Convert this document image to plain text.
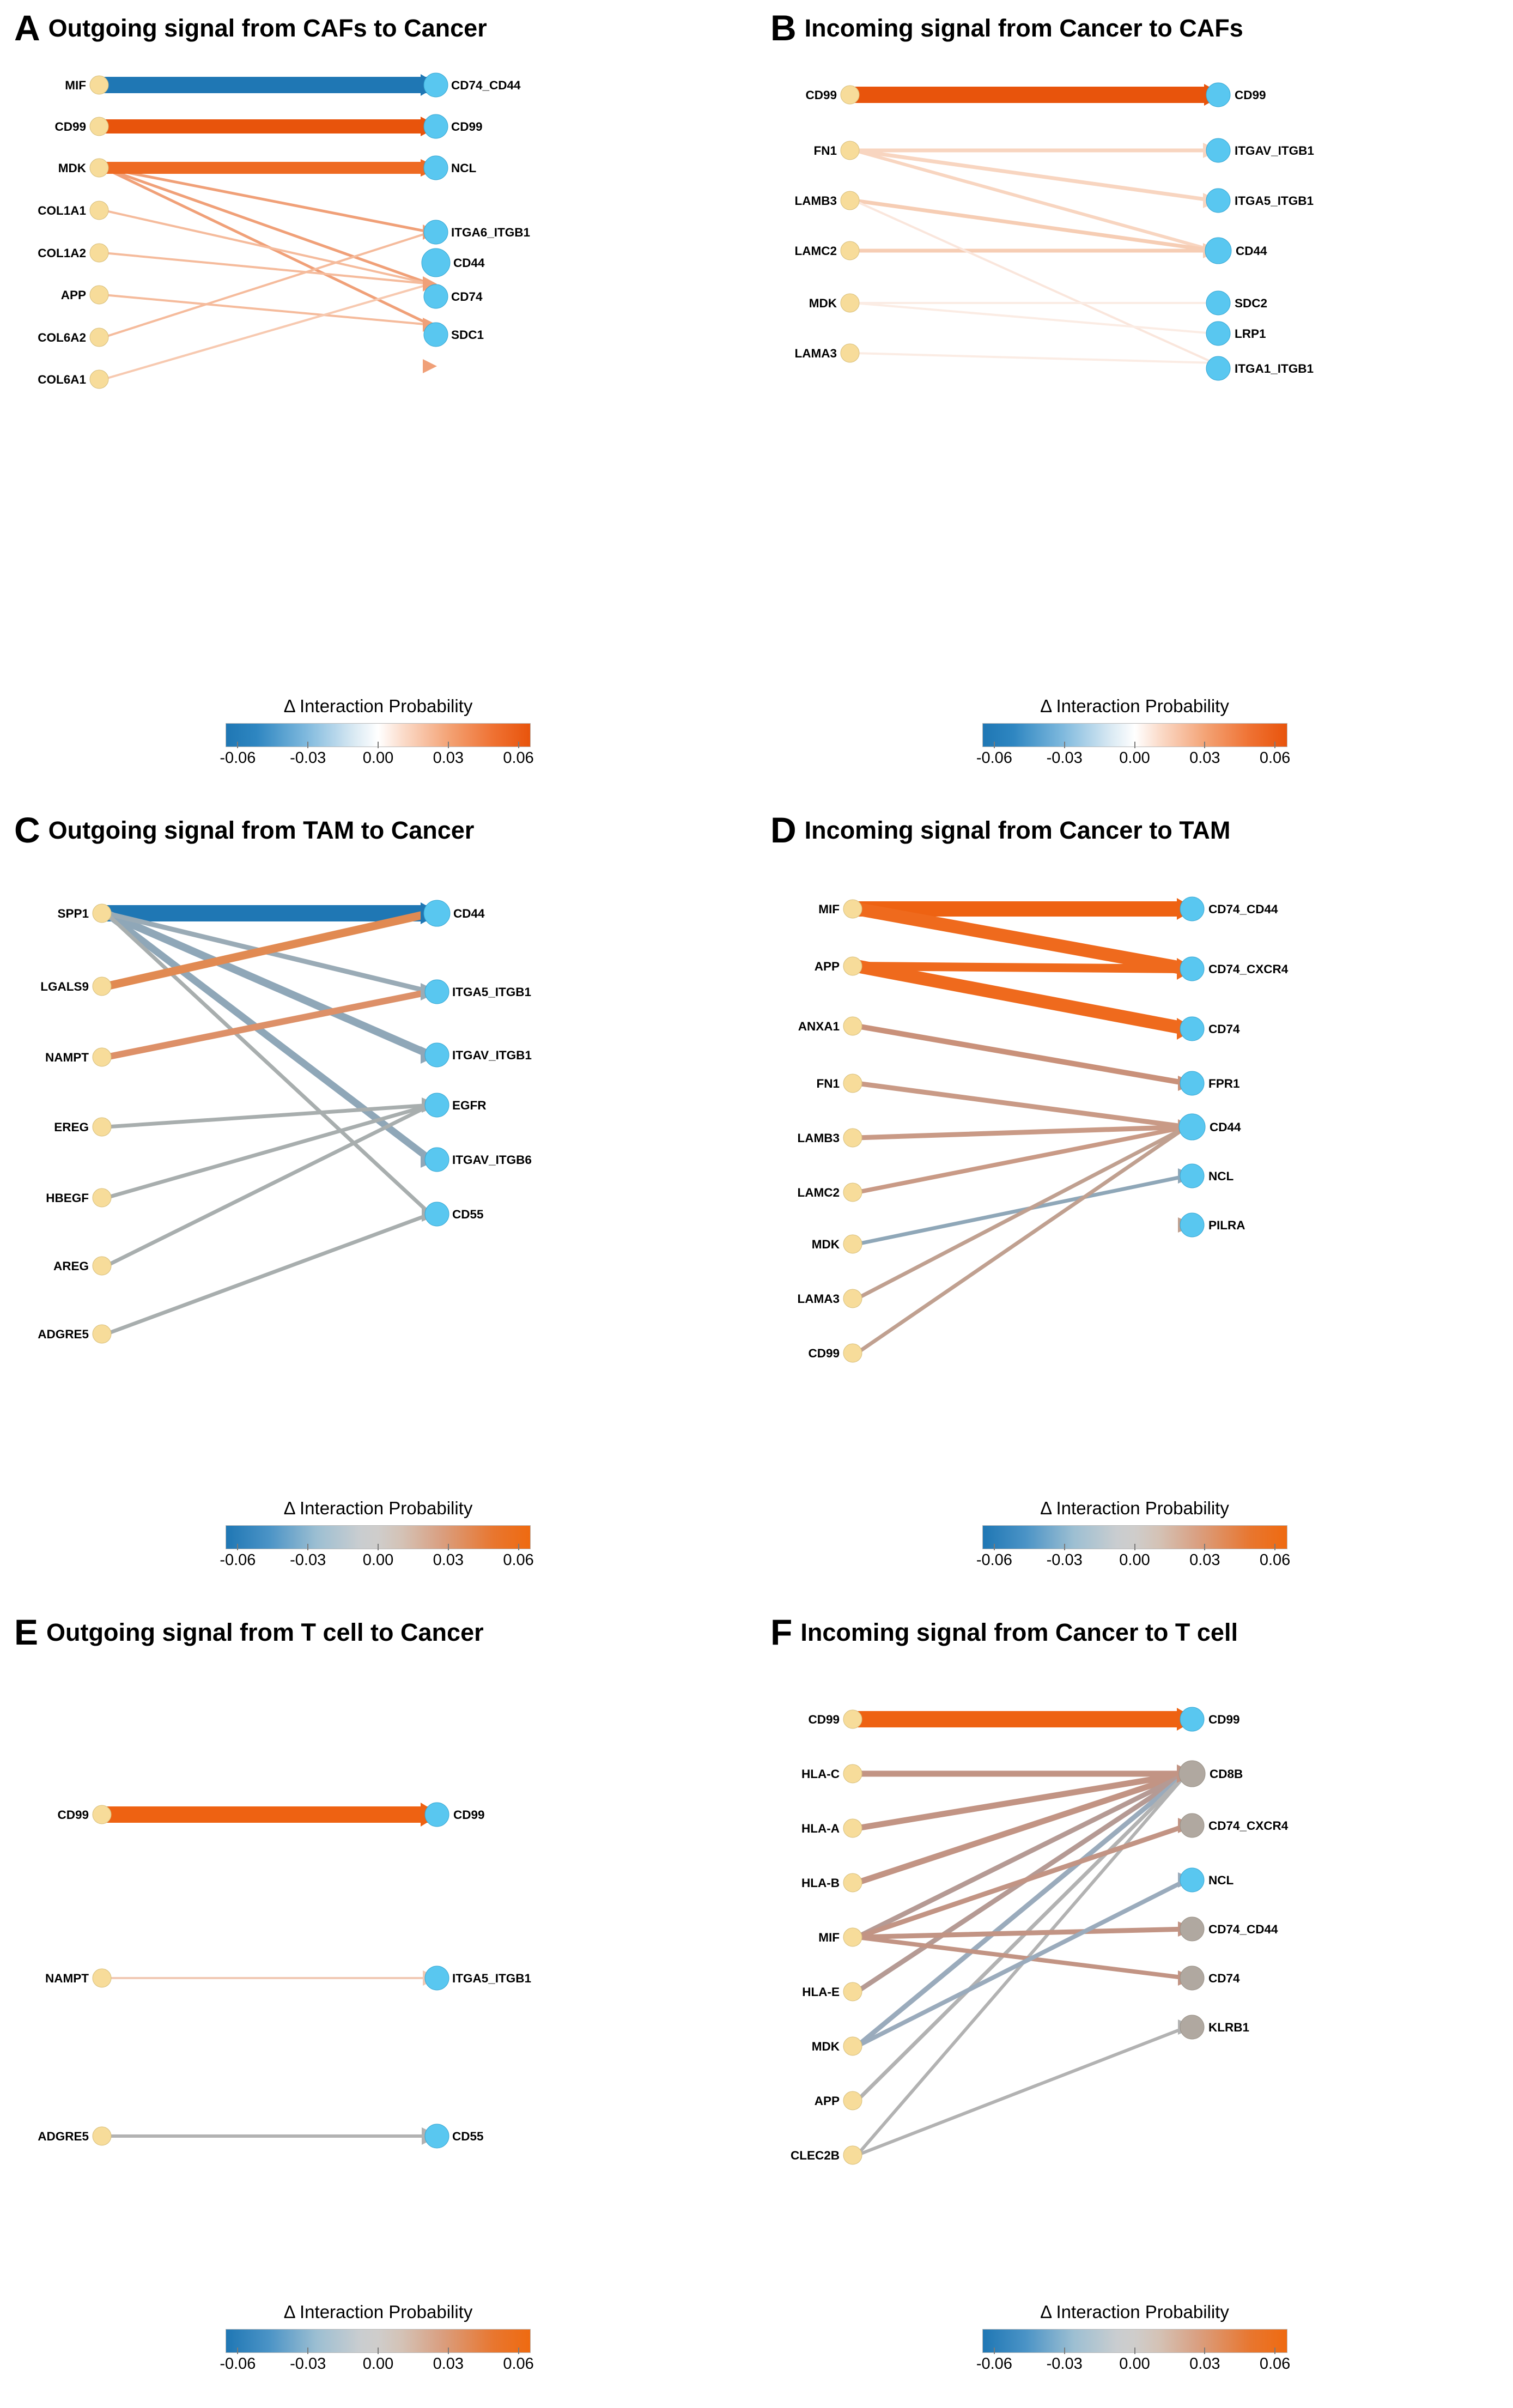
A Outgoing signal from CAFs to Cancer
MIF
CD99
MDK
COL1A1
COL1A2
APP
COL6A2
COL6A1
CD74_CD44
CD99
NCL
ITGA6_ITGB1
CD44
CD74
SDC1
Δ Interaction Probability
-0.06 -0.03 0.00 0.03 0.06
B Incoming signal from Cancer to CAFs
CD99
FN1
LAMB3
LAMC2
MDK
LAMA3
CD99
ITGAV_ITGB1
ITGA5_ITGB1
CD44
SDC2
LRP1
ITGA1_ITGB1
Δ Interaction Probability
-0.06 -0.03 0.00 0.03 0.06
C Outgoing signal from TAM to Cancer
SPP1
LGALS9
NAMPT
EREG
HBEGF
AREG
ADGRE5
CD44
ITGA5_ITGB1
ITGAV_ITGB1
EGFR
ITGAV_ITGB6
CD55
Δ Interaction Probability
-0.06 -0.03 0.00 0.03 0.06
D Incoming signal from Cancer to TAM
MIF
APP
ANXA1
FN1
LAMB3
LAMC2
MDK
LAMA3
CD99
CD74_CD44
CD74_CXCR4
CD74
FPR1
CD44
NCL
PILRA
Δ Interaction Probability
-0.06 -0.03 0.00 0.03 0.06
E Outgoing signal from T cell to Cancer
CD99
NAMPT
ADGRE5
CD99
ITGA5_ITGB1
CD55
Δ Interaction Probability
-0.06 -0.03 0.00 0.03 0.06
F Incoming signal from Cancer to T cell
CD99
HLA-C
HLA-A
HLA-B
MIF
HLA-E
MDK
APP
CLEC2B
CD99
CD8B
CD74_CXCR4
NCL
CD74_CD44
CD74
KLRB1
Δ Interaction Probability
-0.06 -0.03 0.00 0.03 0.06
